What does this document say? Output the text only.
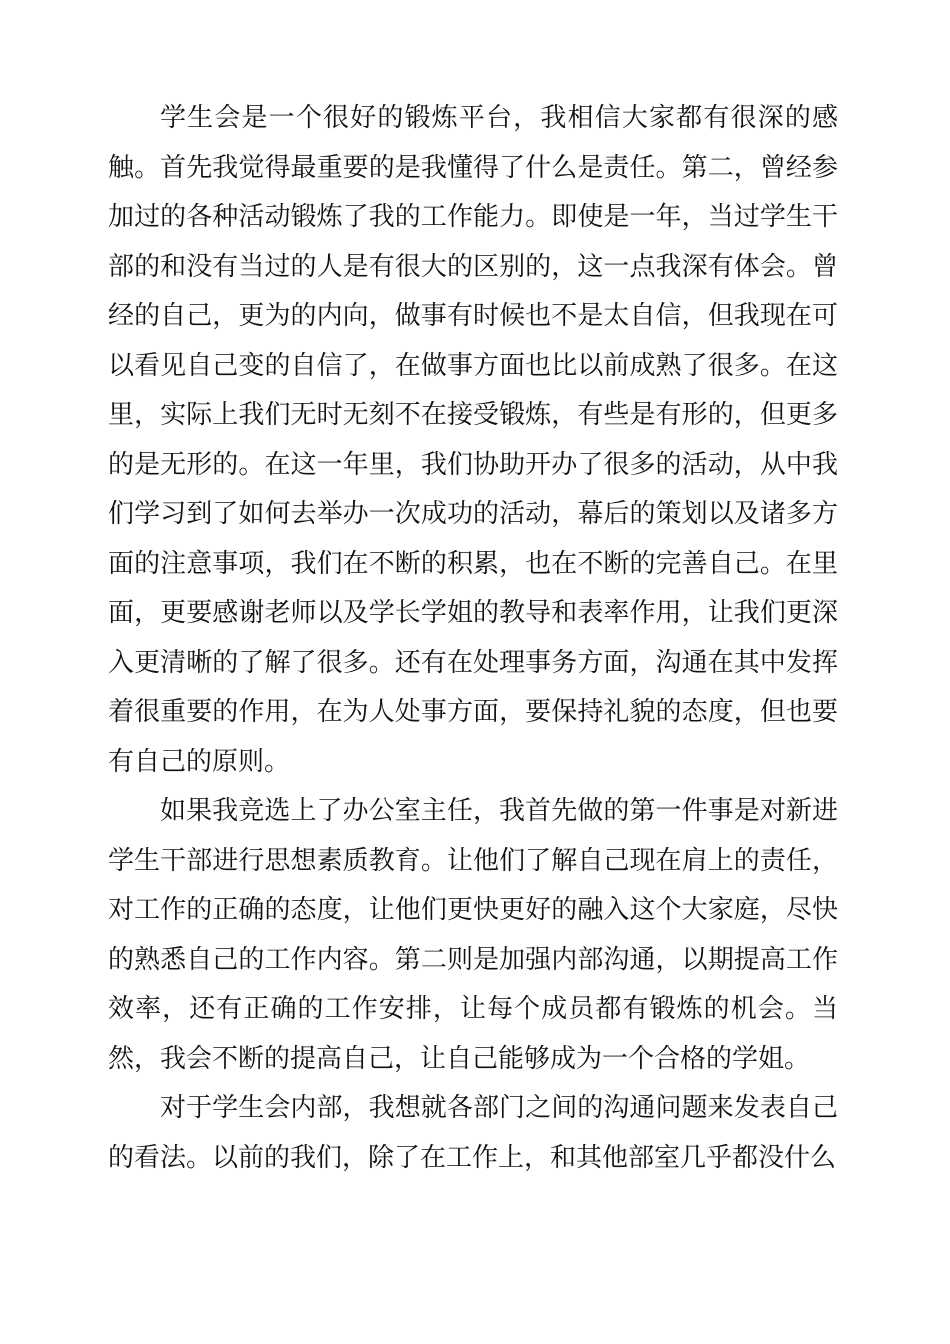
学生会是一个很好的锻炼平台，我相信大家都有很深的感触。首先我觉得最重要的是我懂得了什么是责任。第二，曾经参加过的各种活动锻炼了我的工作能力。即使是一年，当过学生干部的和没有当过的人是有很大的区别的，这一点我深有体会。曾经的自己，更为的内向，做事有时候也不是太自信，但我现在可以看见自己变的自信了，在做事方面也比以前成熟了很多。在这里，实际上我们无时无刻不在接受锻炼，有些是有形的，但更多的是无形的。在这一年里，我们协助开办了很多的活动，从中我们学习到了如何去举办一次成功的活动，幕后的策划以及诸多方面的注意事项，我们在不断的积累，也在不断的完善自己。在里面，更要感谢老师以及学长学姐的教导和表率作用，让我们更深入更清晰的了解了很多。还有在处理事务方面，沟通在其中发挥着很重要的作用，在为人处事方面，要保持礼貌的态度，但也要有自己的原则。

如果我竞选上了办公室主任，我首先做的第一件事是对新进学生干部进行思想素质教育。让他们了解自己现在肩上的责任，对工作的正确的态度，让他们更快更好的融入这个大家庭，尽快的熟悉自己的工作内容。第二则是加强内部沟通，以期提高工作效率，还有正确的工作安排，让每个成员都有锻炼的机会。当然，我会不断的提高自己，让自己能够成为一个合格的学姐。

对于学生会内部，我想就各部门之间的沟通问题来发表自己的看法。以前的我们，除了在工作上，和其他部室几乎都没什么
